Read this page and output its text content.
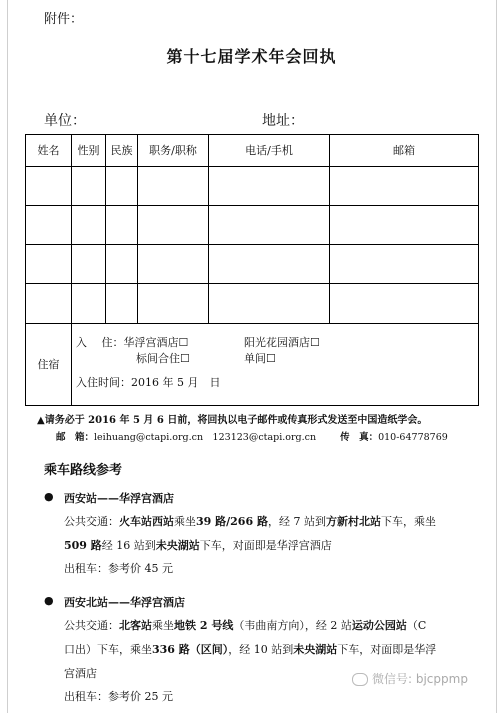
附件：
第十七届学术年会回执
单位：	地址：
姓名	性别	民族	职务/职称	电话/手机	邮箱

住宿	入　 住：华浮宫酒店☐ 阳光花园酒店☐
标间合住☐ 单间☐
入住时间：2016 年 5 月　日				
▲请务必于 2016 年 5 月 6 日前，将回执以电子邮件或传真形式发送至中国造纸学会。
邮　箱：leihuang@ctapi.org.cn　123123@ctapi.org.cn	传　真：010-64778769
乘车路线参考
● 西安站——华浮宫酒店
公共交通：火车站西站乘坐39 路/266 路，经 7 站到方新村北站下车，乘坐
509 路经 16 站到未央湖站下车，对面即是华浮宫酒店
出租车：参考价 45 元
● 西安北站——华浮宫酒店
公共交通：北客站乘坐地铁 2 号线（韦曲南方向），经 2 站运动公园站（C
口出）下车，乘坐336 路（区间），经 10 站到未央湖站下车，对面即是华浮
宫酒店
出租车：参考价 25 元
微信号: bjcppmp
